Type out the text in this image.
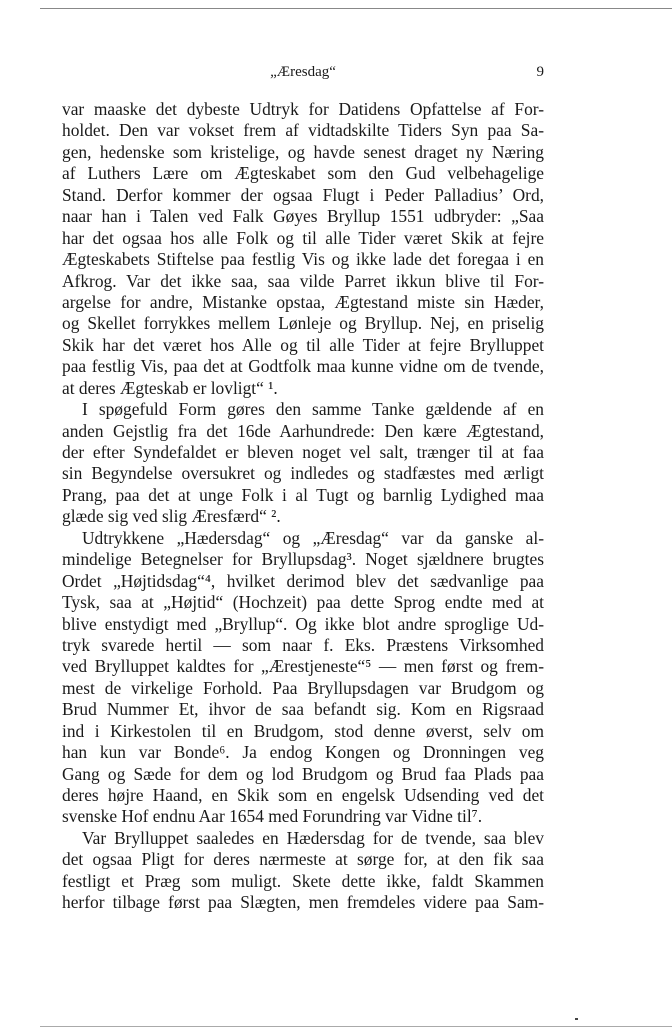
„Æresdag“	9
var maaske det dybeste Udtryk for Datidens Opfattelse af For-
holdet. Den var vokset frem af vidtadskilte Tiders Syn paa Sa-
gen, hedenske som kristelige, og havde senest draget ny Næring
af Luthers Lære om Ægteskabet som den Gud velbehagelige
Stand. Derfor kommer der ogsaa Flugt i Peder Palladius’ Ord,
naar han i Talen ved Falk Gøyes Bryllup 1551 udbryder: „Saa
har det ogsaa hos alle Folk og til alle Tider været Skik at fejre
Ægteskabets Stiftelse paa festlig Vis og ikke lade det foregaa i en
Afkrog. Var det ikke saa, saa vilde Parret ikkun blive til For-
argelse for andre, Mistanke opstaa, Ægtestand miste sin Hæder,
og Skellet forrykkes mellem Lønleje og Bryllup. Nej, en priselig
Skik har det været hos Alle og til alle Tider at fejre Brylluppet
paa festlig Vis, paa det at Godtfolk maa kunne vidne om de tvende,
at deres Ægteskab er lovligt“ ¹.
I spøgefuld Form gøres den samme Tanke gældende af en
anden Gejstlig fra det 16de Aarhundrede: Den kære Ægtestand,
der efter Syndefaldet er bleven noget vel salt, trænger til at faa
sin Begyndelse oversukret og indledes og stadfæstes med ærligt
Prang, paa det at unge Folk i al Tugt og barnlig Lydighed maa
glæde sig ved slig Æresfærd“ ².
Udtrykkene „Hædersdag“ og „Æresdag“ var da ganske al-
mindelige Betegnelser for Bryllupsdag³. Noget sjældnere brugtes
Ordet „Højtidsdag“⁴, hvilket derimod blev det sædvanlige paa
Tysk, saa at „Højtid“ (Hochzeit) paa dette Sprog endte med at
blive enstydigt med „Bryllup“. Og ikke blot andre sproglige Ud-
tryk svarede hertil — som naar f. Eks. Præstens Virksomhed
ved Brylluppet kaldtes for „Ærestjeneste“⁵ — men først og frem-
mest de virkelige Forhold. Paa Bryllupsdagen var Brudgom og
Brud Nummer Et, ihvor de saa befandt sig. Kom en Rigsraad
ind i Kirkestolen til en Brudgom, stod denne øverst, selv om
han kun var Bonde⁶. Ja endog Kongen og Dronningen veg
Gang og Sæde for dem og lod Brudgom og Brud faa Plads paa
deres højre Haand, en Skik som en engelsk Udsending ved det
svenske Hof endnu Aar 1654 med Forundring var Vidne til⁷.
Var Brylluppet saaledes en Hædersdag for de tvende, saa blev
det ogsaa Pligt for deres nærmeste at sørge for, at den fik saa
festligt et Præg som muligt. Skete dette ikke, faldt Skammen
herfor tilbage først paa Slægten, men fremdeles videre paa Sam-
